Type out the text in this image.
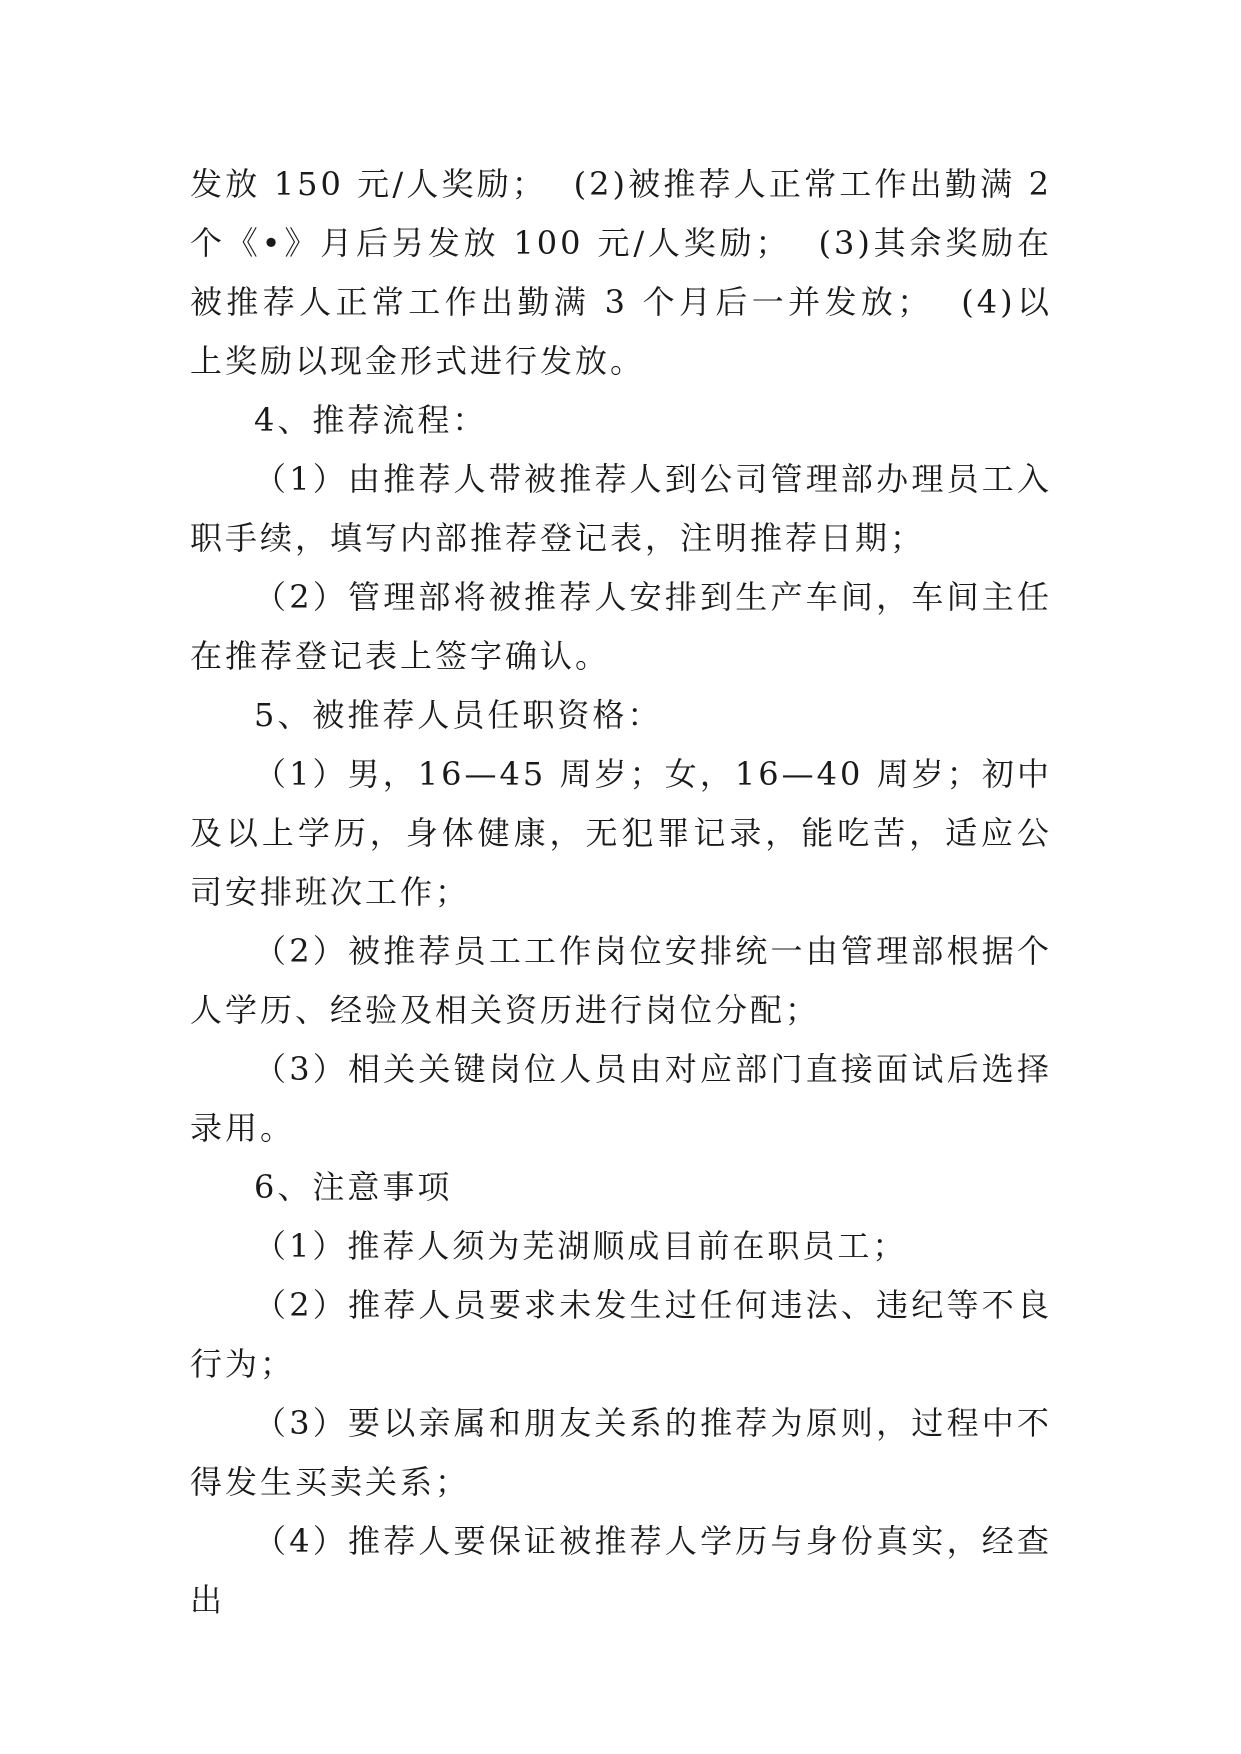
发放 150 元/人奖励；  (2)被推荐人正常工作出勤满 2 个《•》月后另发放 100 元/人奖励；  (3)其余奖励在被推荐人正常工作出勤满 3 个月后一并发放；  (4)以上奖励以现金形式进行发放。

4、推荐流程：

（1）由推荐人带被推荐人到公司管理部办理员工入职手续，填写内部推荐登记表，注明推荐日期；

（2）管理部将被推荐人安排到生产车间，车间主任在推荐登记表上签字确认。

5、被推荐人员任职资格：

（1）男，16—45 周岁；女，16—40 周岁；初中及以上学历，身体健康，无犯罪记录，能吃苦，适应公司安排班次工作；

（2）被推荐员工工作岗位安排统一由管理部根据个人学历、经验及相关资历进行岗位分配；

（3）相关关键岗位人员由对应部门直接面试后选择录用。

6、注意事项

（1）推荐人须为芜湖顺成目前在职员工；

（2）推荐人员要求未发生过任何违法、违纪等不良行为；

（3）要以亲属和朋友关系的推荐为原则，过程中不得发生买卖关系；

（4）推荐人要保证被推荐人学历与身份真实，经查出
